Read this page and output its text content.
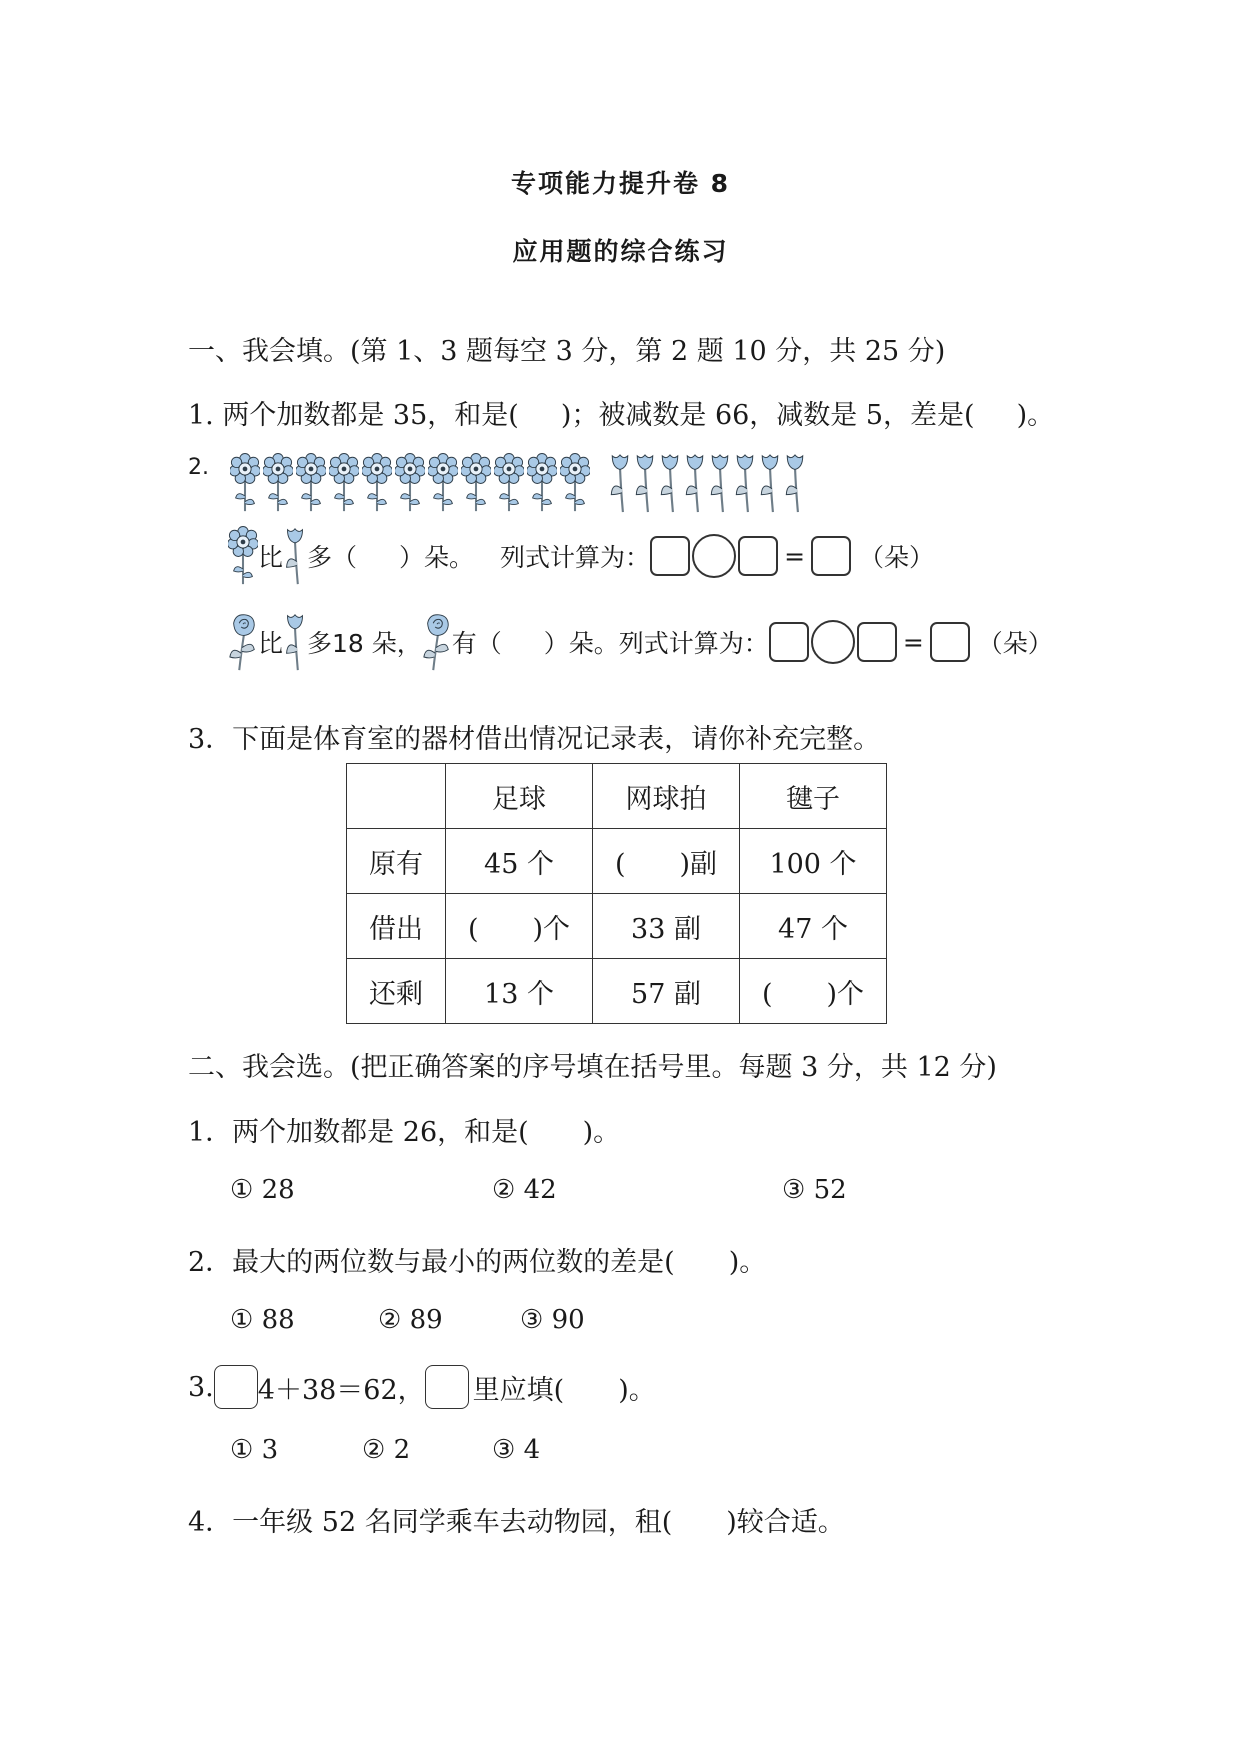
专项能力提升卷 8
应用题的综合练习
一、我会填。(第 1、3 题每空 3 分，第 2 题 10 分，共 25 分)
1. 两个加数都是 35，和是( )；被减数是 66，减数是 5，差是( )。
2.
比 多（ ）朵。 列式计算为：	= （朵）
比 多18 朵， 有（ ）朵。列式计算为：	= （朵）
3．下面是体育室的器材借出情况记录表，请你补充完整。
	足球	网球拍	毽子
原有	45 个	(　　)副	100 个
借出	(　　)个	33 副	47 个
还剩	13 个	57 副	(　　)个
二、我会选。(把正确答案的序号填在括号里。每题 3 分，共 12 分)
1．两个加数都是 26，和是(　　)。
① 28	② 42	③ 52
2．最大的两位数与最小的两位数的差是(　　)。
① 88	② 89	③ 90
3. 4＋38＝62， 里应填(　　)。
① 3	② 2	③ 4
4．一年级 52 名同学乘车去动物园，租(　　)较合适。
